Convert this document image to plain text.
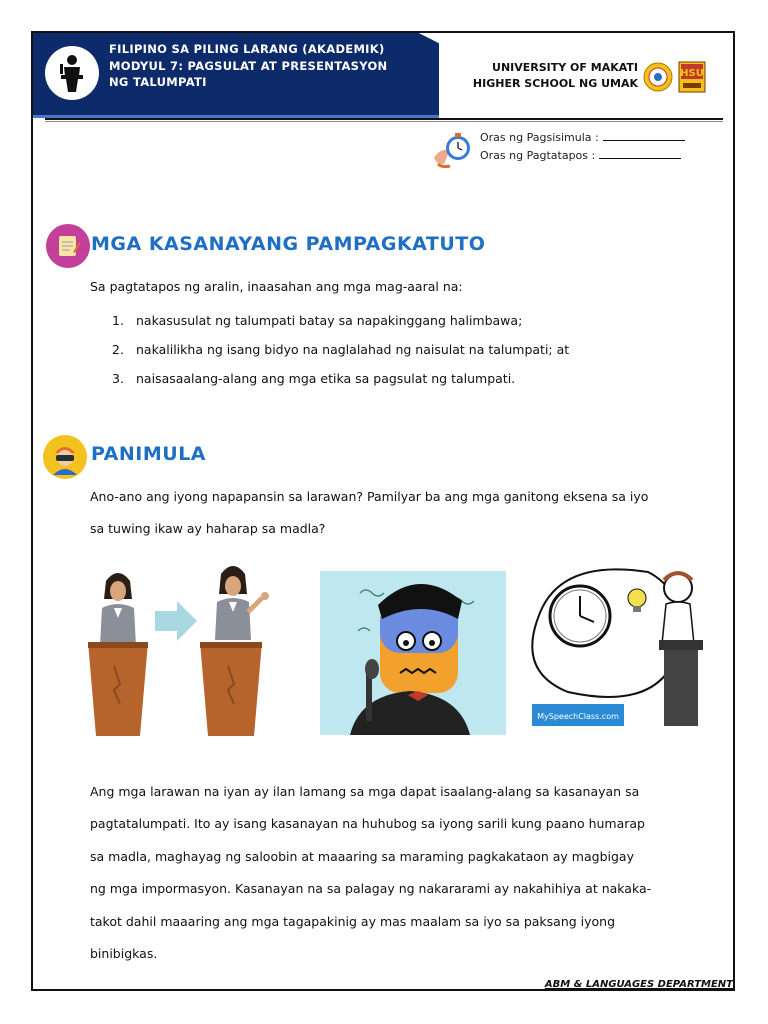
FILIPINO SA PILING LARANG (AKADEMIK)
MODYUL 7: PAGSULAT AT PRESENTASYON
NG TALUMPATI
UNIVERSITY OF MAKATI
HIGHER SCHOOL NG UMAK
HSU
Oras ng Pagsisimula :
Oras ng Pagtatapos :
MGA KASANAYANG PAMPAGKATUTO
Sa pagtatapos ng aralin, inaasahan ang mga mag-aaral na:
1. nakasusulat ng talumpati batay sa napakinggang halimbawa;
2. nakalilikha ng isang bidyo na naglalahad ng naisulat na talumpati; at
3. naisasaalang-alang ang mga etika sa pagsulat ng talumpati.
PANIMULA
Ano-ano ang iyong napapansin sa larawan? Pamilyar ba ang mga ganitong eksena sa iyo
sa tuwing ikaw ay haharap sa madla?
MySpeechClass.com
Ang mga larawan na iyan ay ilan lamang sa mga dapat isaalang-alang sa kasanayan sa
pagtatalumpati. Ito ay isang kasanayan na huhubog sa iyong sarili kung paano humarap
sa madla, maghayag ng saloobin at maaaring sa maraming pagkakataon ay magbigay
ng mga impormasyon. Kasanayan na sa palagay ng nakararami ay nakahihiya at nakaka-
takot dahil maaaring ang mga tagapakinig ay mas maalam sa iyo sa paksang iyong
binibigkas.
ABM & LANGUAGES DEPARTMENT
